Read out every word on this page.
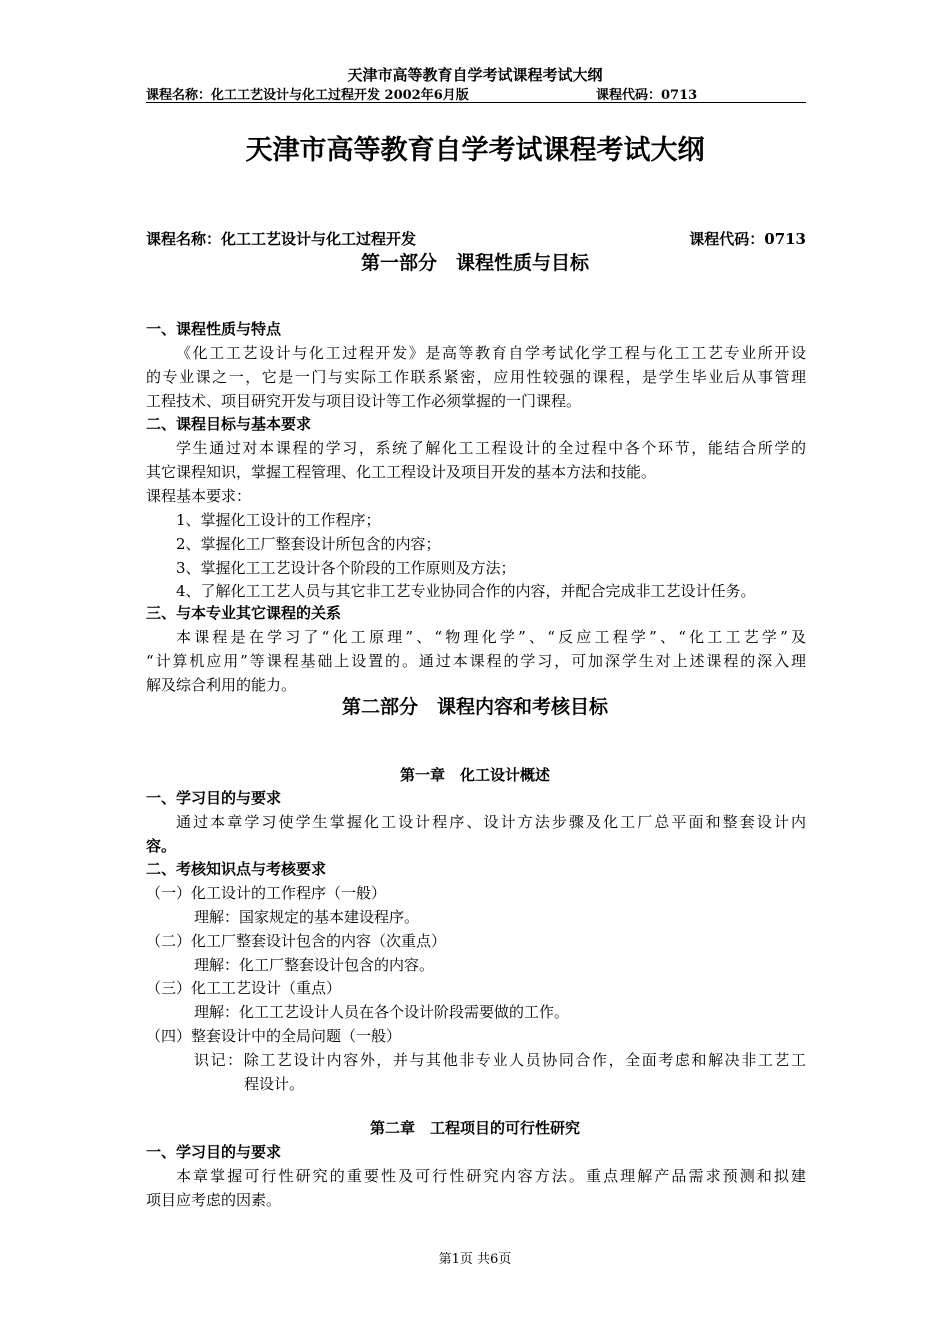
天津市高等教育自学考试课程考试大纲
课程名称：化工工艺设计与化工过程开发 2002年6月版	课程代码：0713
天津市高等教育自学考试课程考试大纲
课程名称：化工工艺设计与化工过程开发	课程代码：0713
第一部分　课程性质与目标
一、课程性质与特点
《化工工艺设计与化工过程开发》是高等教育自学考试化学工程与化工工艺专业所开设
的专业课之一，它是一门与实际工作联系紧密，应用性较强的课程，是学生毕业后从事管理
工程技术、项目研究开发与项目设计等工作必须掌握的一门课程。
二、课程目标与基本要求
学生通过对本课程的学习，系统了解化工工程设计的全过程中各个环节，能结合所学的
其它课程知识，掌握工程管理、化工工程设计及项目开发的基本方法和技能。
课程基本要求：
1、掌握化工设计的工作程序；
2、掌握化工厂整套设计所包含的内容；
3、掌握化工工艺设计各个阶段的工作原则及方法；
4、了解化工工艺人员与其它非工艺专业协同合作的内容，并配合完成非工艺设计任务。
三、与本专业其它课程的关系
本课程是在学习了“化工原理”、“物理化学”、“反应工程学”、“化工工艺学”及
“计算机应用”等课程基础上设置的。通过本课程的学习，可加深学生对上述课程的深入理
解及综合利用的能力。
第二部分　课程内容和考核目标
第一章　化工设计概述
一、学习目的与要求
通过本章学习使学生掌握化工设计程序、设计方法步骤及化工厂总平面和整套设计内
容。
二、考核知识点与考核要求
（一）化工设计的工作程序（一般）
理解：国家规定的基本建设程序。
（二）化工厂整套设计包含的内容（次重点）
理解：化工厂整套设计包含的内容。
（三）化工工艺设计（重点）
理解：化工工艺设计人员在各个设计阶段需要做的工作。
（四）整套设计中的全局问题（一般）
识记：除工艺设计内容外，并与其他非专业人员协同合作，全面考虑和解决非工艺工
程设计。
第二章　工程项目的可行性研究
一、学习目的与要求
本章掌握可行性研究的重要性及可行性研究内容方法。重点理解产品需求预测和拟建
项目应考虑的因素。
第1页 共6页
